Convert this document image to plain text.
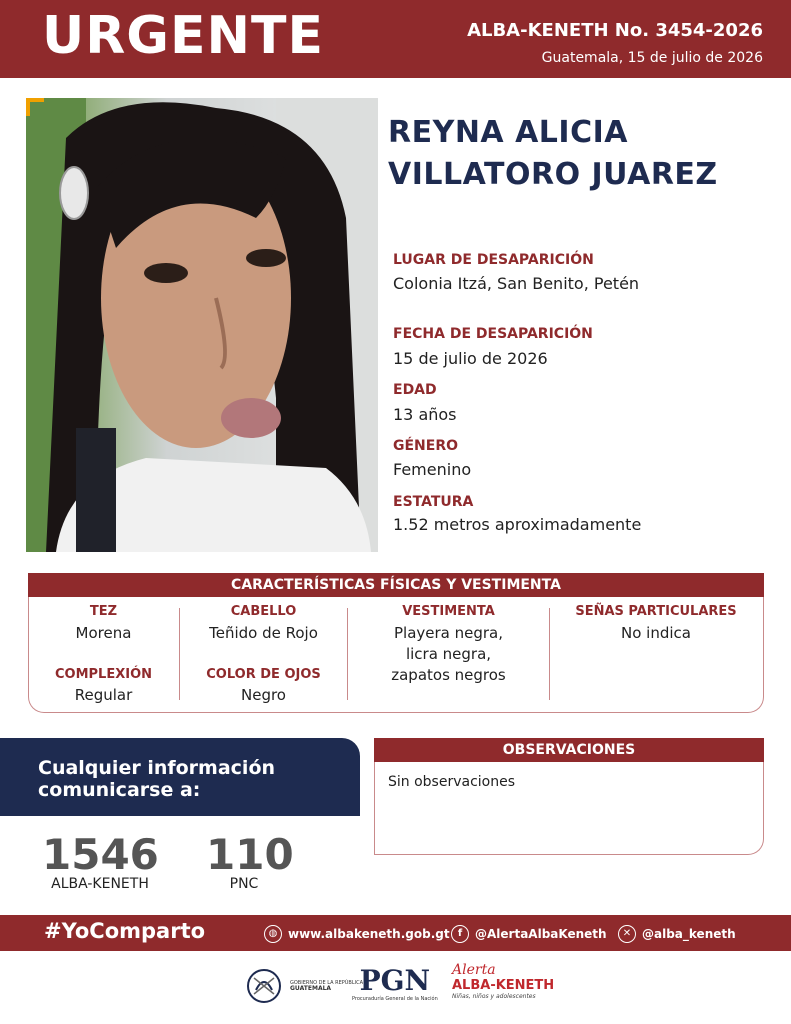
URGENTE	ALBA-KENETH No. 3454-2026
Guatemala, 15 de julio de 2026
REYNA ALICIA
VILLATORO JUAREZ
LUGAR DE DESAPARICIÓN
Colonia Itzá, San Benito, Petén
FECHA DE DESAPARICIÓN
15 de julio de 2026
EDAD
13 años
GÉNERO
Femenino
ESTATURA
1.52 metros aproximadamente
CARACTERÍSTICAS FÍSICAS Y VESTIMENTA
TEZ
Morena
COMPLEXIÓN
Regular
CABELLO
Teñido de Rojo
COLOR DE OJOS
Negro
VESTIMENTA
Playera negra,
licra negra,
zapatos negros
SEÑAS PARTICULARES
No indica
Cualquier información
comunicarse a:
1546
ALBA-KENETH
110
PNC
OBSERVACIONES
Sin observaciones
#YoComparto	◍ www.albakeneth.gob.gt f	@AlertaAlbaKeneth	✕ @alba_keneth
GOBIERNO DE LA REPÚBLICA
GUATEMALA	PGN
Procuraduría General de la Nación
Alerta
ALBA-KENETH
Niñas, niños y adolescentes
